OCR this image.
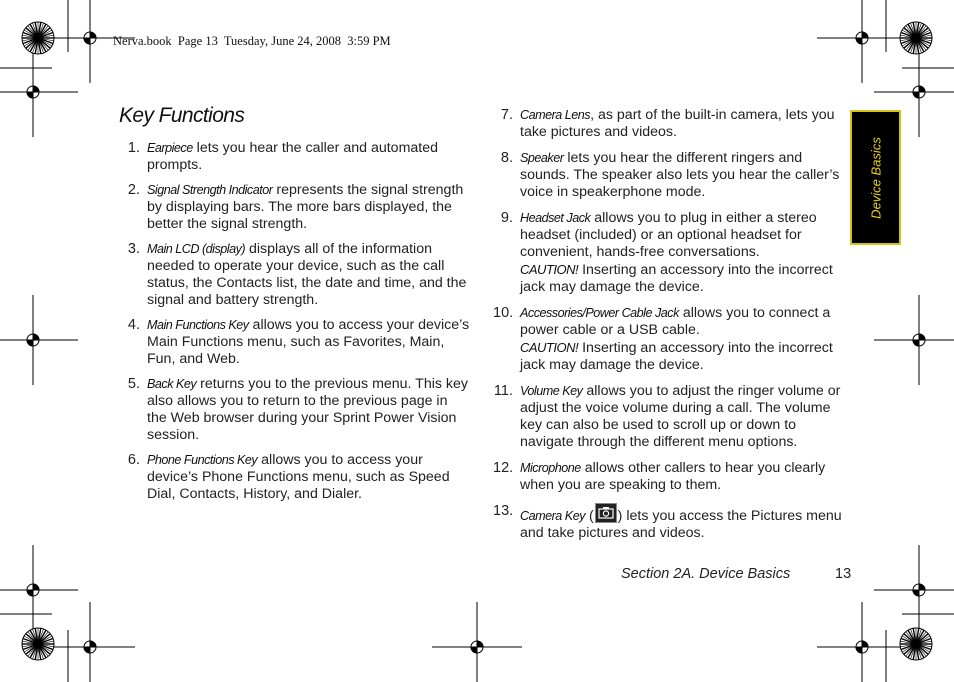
Nerva.book  Page 13  Tuesday, June 24, 2008  3:59 PM
Key Functions
1. Earpiece lets you hear the caller and automated prompts.
2. Signal Strength Indicator represents the signal strength by displaying bars. The more bars displayed, the better the signal strength.
3. Main LCD (display) displays all of the information needed to operate your device, such as the call status, the Contacts list, the date and time, and the signal and battery strength.
4. Main Functions Key allows you to access your device’s Main Functions menu, such as Favorites, Main, Fun, and Web.
5. Back Key returns you to the previous menu. This key also allows you to return to the previous page in the Web browser during your Sprint Power Vision session.
6. Phone Functions Key allows you to access your device’s Phone Functions menu, such as Speed Dial, Contacts, History, and Dialer.
7. Camera Lens, as part of the built-in camera, lets you take pictures and videos.
8. Speaker lets you hear the different ringers and sounds. The speaker also lets you hear the caller’s voice in speakerphone mode.
9. Headset Jack allows you to plug in either a stereo headset (included) or an optional headset for convenient, hands-free conversations.
CAUTION! Inserting an accessory into the incorrect jack may damage the device.
10. Accessories/Power Cable Jack allows you to connect a power cable or a USB cable.
CAUTION! Inserting an accessory into the incorrect jack may damage the device.
11. Volume Key allows you to adjust the ringer volume or adjust the voice volume during a call. The volume key can also be used to scroll up or down to navigate through the different menu options.
12. Microphone allows other callers to hear you clearly when you are speaking to them.
13. Camera Key ( ) lets you access the Pictures menu and take pictures and videos.
Device Basics
Section 2A. Device Basics	13
